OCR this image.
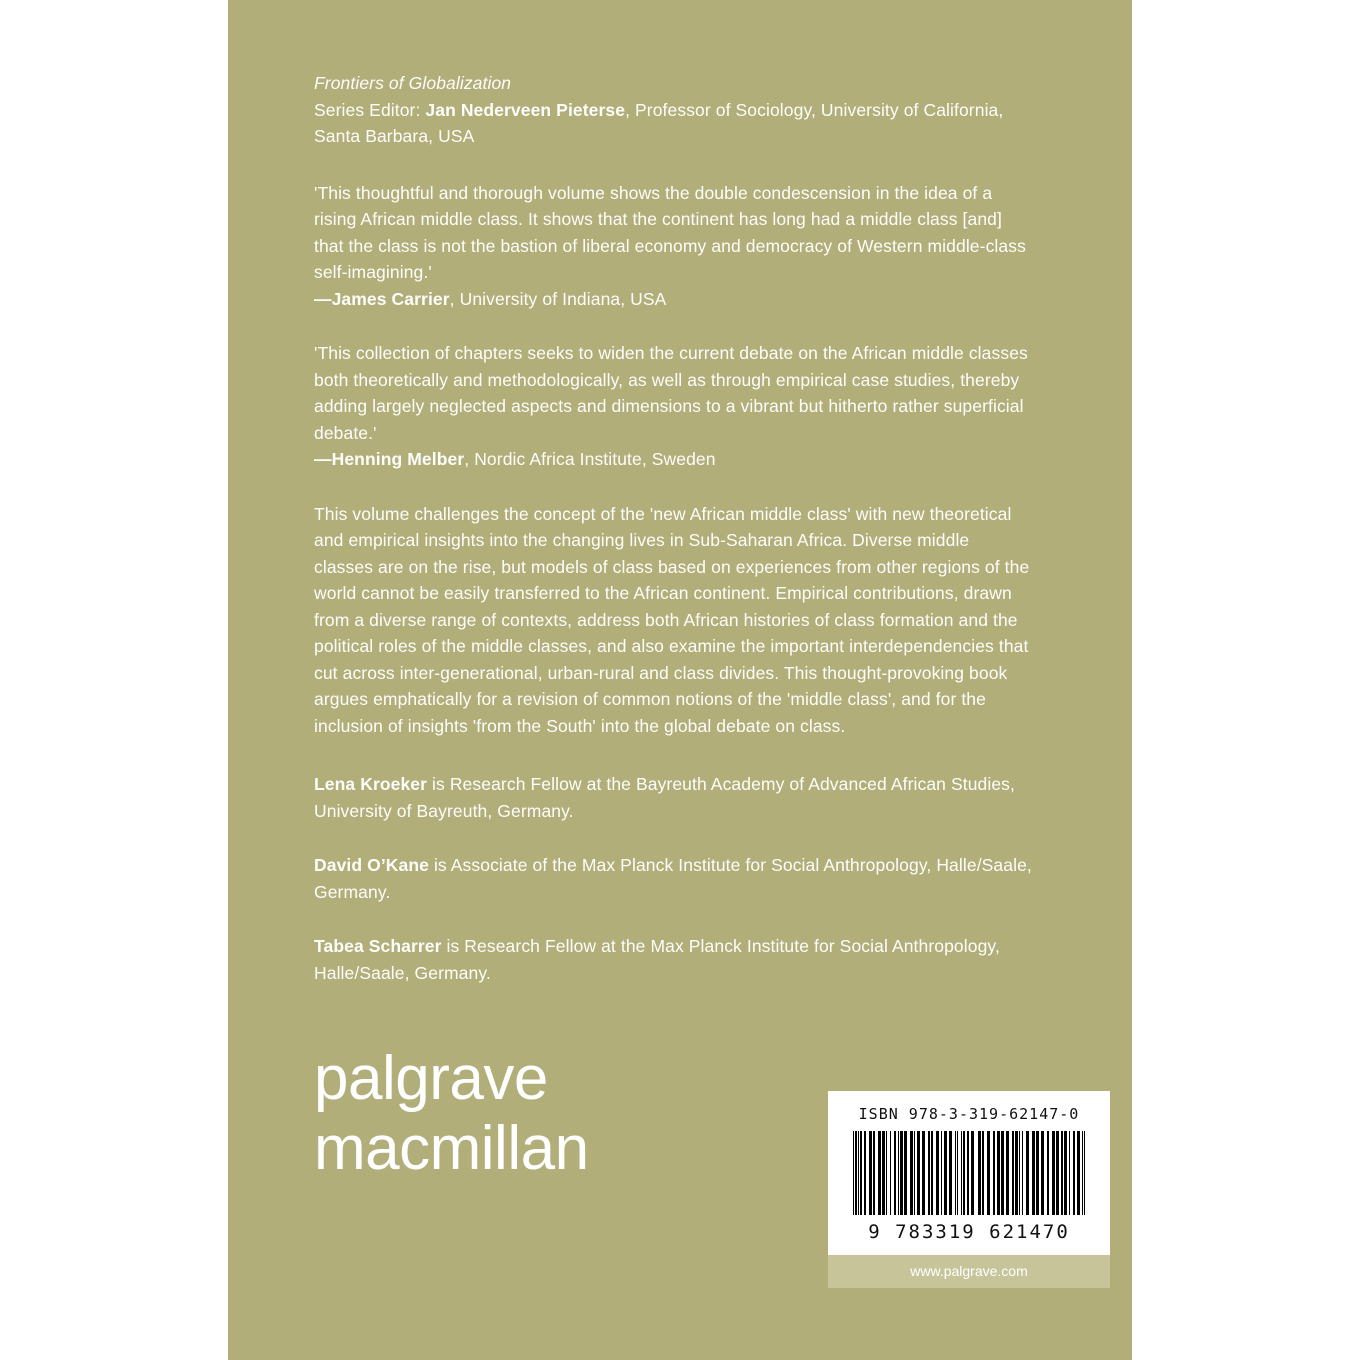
Frontiers of Globalization
Series Editor: Jan Nederveen Pieterse, Professor of Sociology, University of California, Santa Barbara, USA
'This thoughtful and thorough volume shows the double condescension in the idea of a rising African middle class. It shows that the continent has long had a middle class [and] that the class is not the bastion of liberal economy and democracy of Western middle-class self-imagining.'
—James Carrier, University of Indiana, USA
'This collection of chapters seeks to widen the current debate on the African middle classes both theoretically and methodologically, as well as through empirical case studies, thereby adding largely neglected aspects and dimensions to a vibrant but hitherto rather superficial debate.'
—Henning Melber, Nordic Africa Institute, Sweden
This volume challenges the concept of the 'new African middle class' with new theoretical and empirical insights into the changing lives in Sub-Saharan Africa. Diverse middle classes are on the rise, but models of class based on experiences from other regions of the world cannot be easily transferred to the African continent. Empirical contributions, drawn from a diverse range of contexts, address both African histories of class formation and the political roles of the middle classes, and also examine the important interdependencies that cut across inter-generational, urban-rural and class divides. This thought-provoking book argues emphatically for a revision of common notions of the 'middle class', and for the inclusion of insights 'from the South' into the global debate on class.
Lena Kroeker is Research Fellow at the Bayreuth Academy of Advanced African Studies, University of Bayreuth, Germany.
David O’Kane is Associate of the Max Planck Institute for Social Anthropology, Halle/Saale, Germany.
Tabea Scharrer is Research Fellow at the Max Planck Institute for Social Anthropology, Halle/Saale, Germany.
palgrave
macmillan	ISBN 978-3-319-62147-0
9 783319 621470
www.palgrave.com
